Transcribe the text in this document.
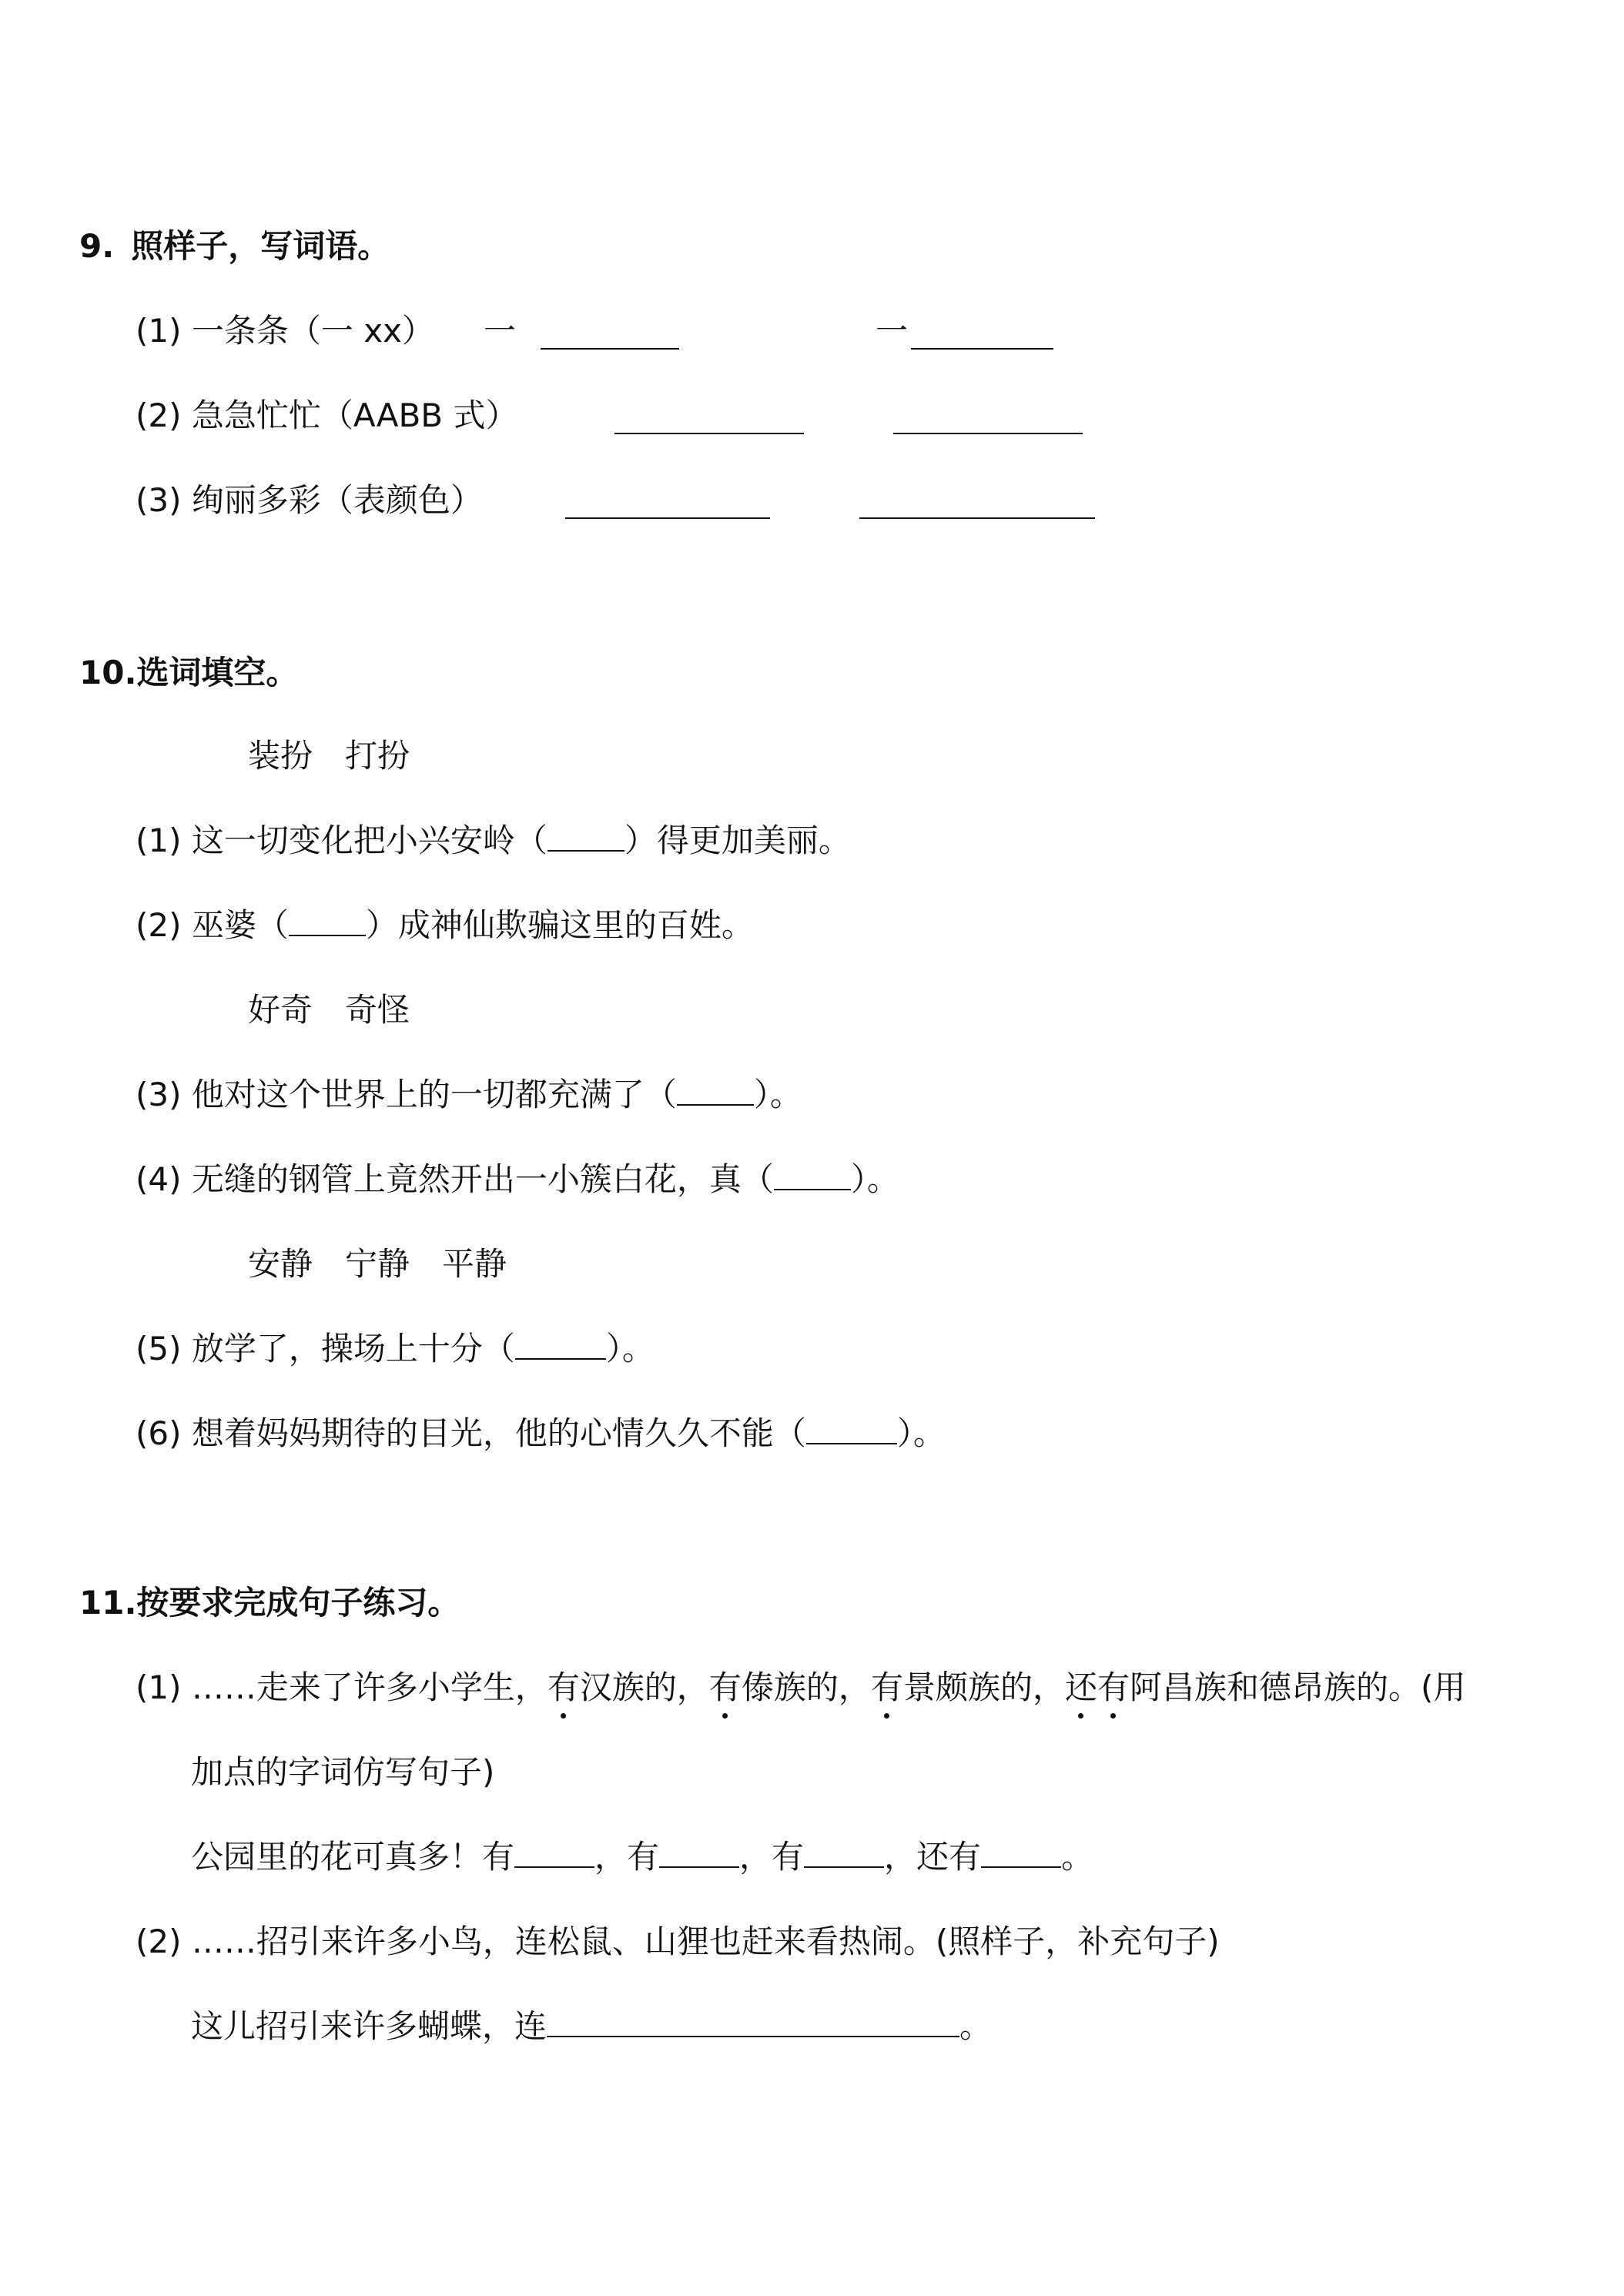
9. 照样子，写词语。
(1) 一条条（一 xx） 一	一
(2) 急急忙忙（AABB 式）
(3) 绚丽多彩（表颜色）
10.选词填空。
装扮　打扮
(1) 这一切变化把小兴安岭（ ）得更加美丽。
(2) 巫婆（ ）成神仙欺骗这里的百姓。
好奇　奇怪
(3) 他对这个世界上的一切都充满了（ ）。
(4) 无缝的钢管上竟然开出一小簇白花，真（ ）。
安静　宁静　平静
(5) 放学了，操场上十分（	）。
(6) 想着妈妈期待的目光，他的心情久久不能（	）。
11.按要求完成句子练习。
(1) ……走来了许多小学生，有汉族的，有傣族的，有景颇族的，还有阿昌族和德昂族的。(用
加点的字词仿写句子)
公园里的花可真多！有 ，有 ，有 ，还有 。
(2) ……招引来许多小鸟，连松鼠、山狸也赶来看热闹。(照样子，补充句子)
这儿招引来许多蝴蝶，连	。
